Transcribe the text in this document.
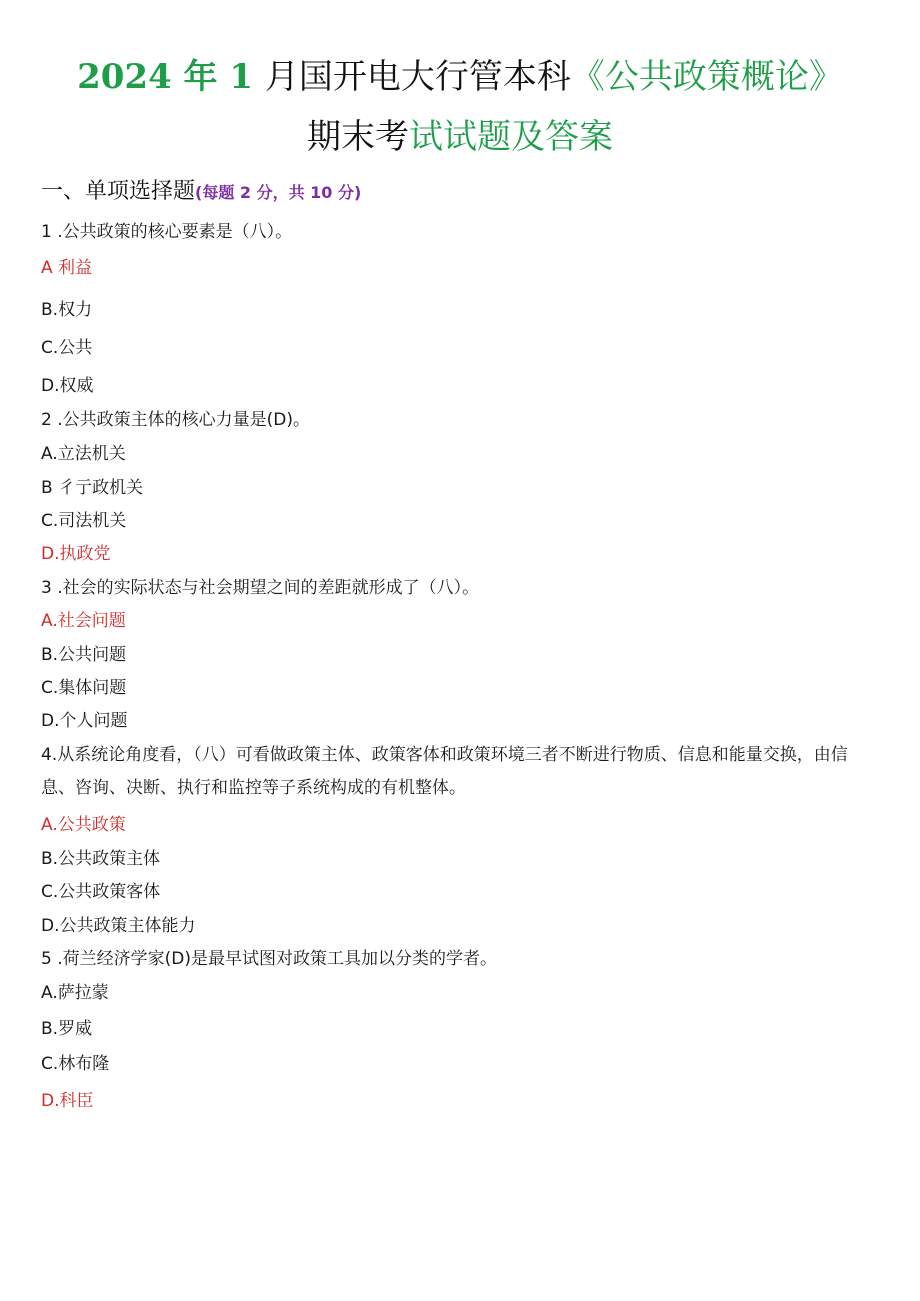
2024 年 1 月国开电大行管本科《公共政策概论》
期末考试试题及答案
一、单项选择题(每题 2 分，共 10 分)
1 .公共政策的核心要素是（八）。
A 利益
B.权力
C.公共
D.权威
2 .公共政策主体的核心力量是(D)。
A.立法机关
B 彳亍政机关
C.司法机关
D.执政党
3 .社会的实际状态与社会期望之间的差距就形成了（八）。
A.社会问题
B.公共问题
C.集体问题
D.个人问题
4.从系统论角度看，（八）可看做政策主体、政策客体和政策环境三者不断进行物质、信息和能量交换，由信息、咨询、决断、执行和监控等子系统构成的有机整体。
A.公共政策
B.公共政策主体
C.公共政策客体
D.公共政策主体能力
5 .荷兰经济学家(D)是最早试图对政策工具加以分类的学者。
A.萨拉蒙
B.罗威
C.林布隆
D.科臣
